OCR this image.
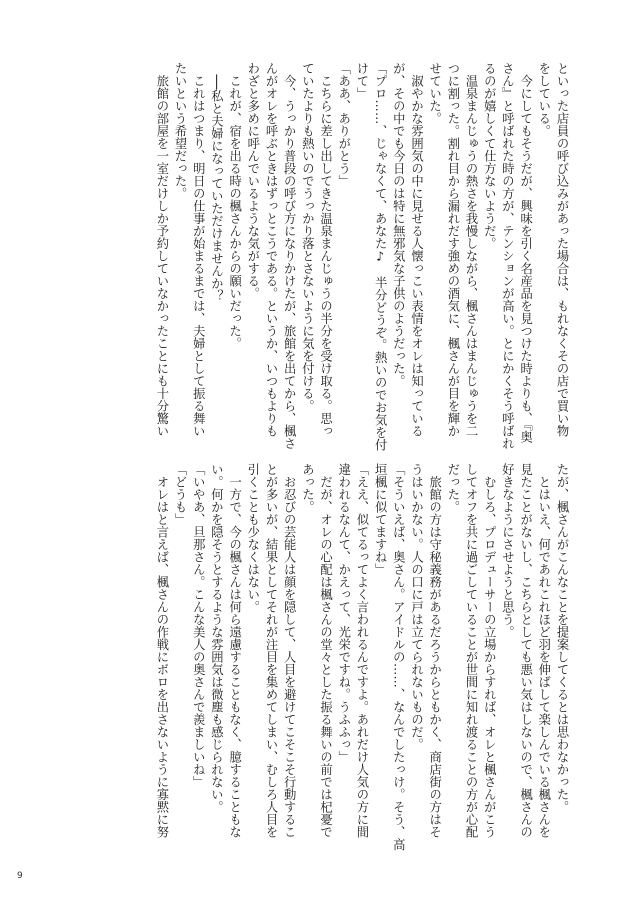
といった店員の呼び込みがあった場合は、もれなくその店で買い物
をしている。
　今にしてもそうだが、興味を引く名産品を見つけた時よりも、『奥
さん』と呼ばれた時の方が、テンションが高い。とにかくそう呼ばれ
るのが嬉しくて仕方ないようだ。
　温泉まんじゅうの熱さを我慢しながら、楓さんはまんじゅうを二
つに割った。割れ目から漏れだす強めの酒気に、楓さんが目を輝か
せていた。
　淑やかな雰囲気の中に見せる人懐っこい表情をオレは知っている
が、その中でも今日のは特に無邪気な子供のようだった。
「プロ……、じゃなくて、あなた♪　半分どうぞ。熱いのでお気を付
けて」
「ああ、ありがとう」
　こちらに差し出してきた温泉まんじゅうの半分を受け取る。思っ
ていたよりも熱いのでうっかり落とさないように気を付ける。
　今、うっかり普段の呼び方になりかけたが、旅館を出てから、楓さ
んがオレを呼ぶときはずっとこうである。というか、いつもよりも
わざと多めに呼んでいるような気がする。
　これが、宿を出る時の楓さんからの願いだった。
　──私と夫婦になっていただけませんか？
　これはつまり、明日の仕事が始まるまでは、夫婦として振る舞い
たいという希望だった。
　旅館の部屋を一室だけしか予約していなかったことにも十分驚い
たが、楓さんがこんなことを提案してくるとは思わなかった。
　とはいえ、何であれこれほど羽を伸ばして楽しんでいる楓さんを
見たことがないし、こちらとしても悪い気はしないので、楓さんの
好きなようにさせようと思う。
　むしろ、プロデューサーの立場からすれば、オレと楓さんがこう
してオフを共に過ごしていることが世間に知れ渡ることの方が心配
だった。
　旅館の方は守秘義務があるだろうからともかく、商店街の方はそ
うはいかない。人の口に戸は立てられないものだ。
「そういえば、奥さん。アイドルの……、なんでしたっけ。そう、高
垣楓に似てますね」
「ええ、似てるってよく言われるんですよ。あれだけ人気の方に間
違われるなんて、かえって、光栄ですね。うふふっ」
　だが、オレの心配は楓さんの堂々とした振る舞いの前では杞憂で
あった。
　お忍びの芸能人は顔を隠して、人目を避けてこそこそ行動するこ
とが多いが、結果としてそれが注目を集めてしまい、むしろ人目を
引くことも少なくはない。
　一方で、今の楓さんは何ら遠慮することもなく、臆することもな
い。何かを隠そうとするような雰囲気は微塵も感じられない。
「いやあ、旦那さん。こんな美人の奥さんで羨ましいね」
「どうも」
　オレはと言えば、楓さんの作戦にボロを出さないように寡黙に努
9
